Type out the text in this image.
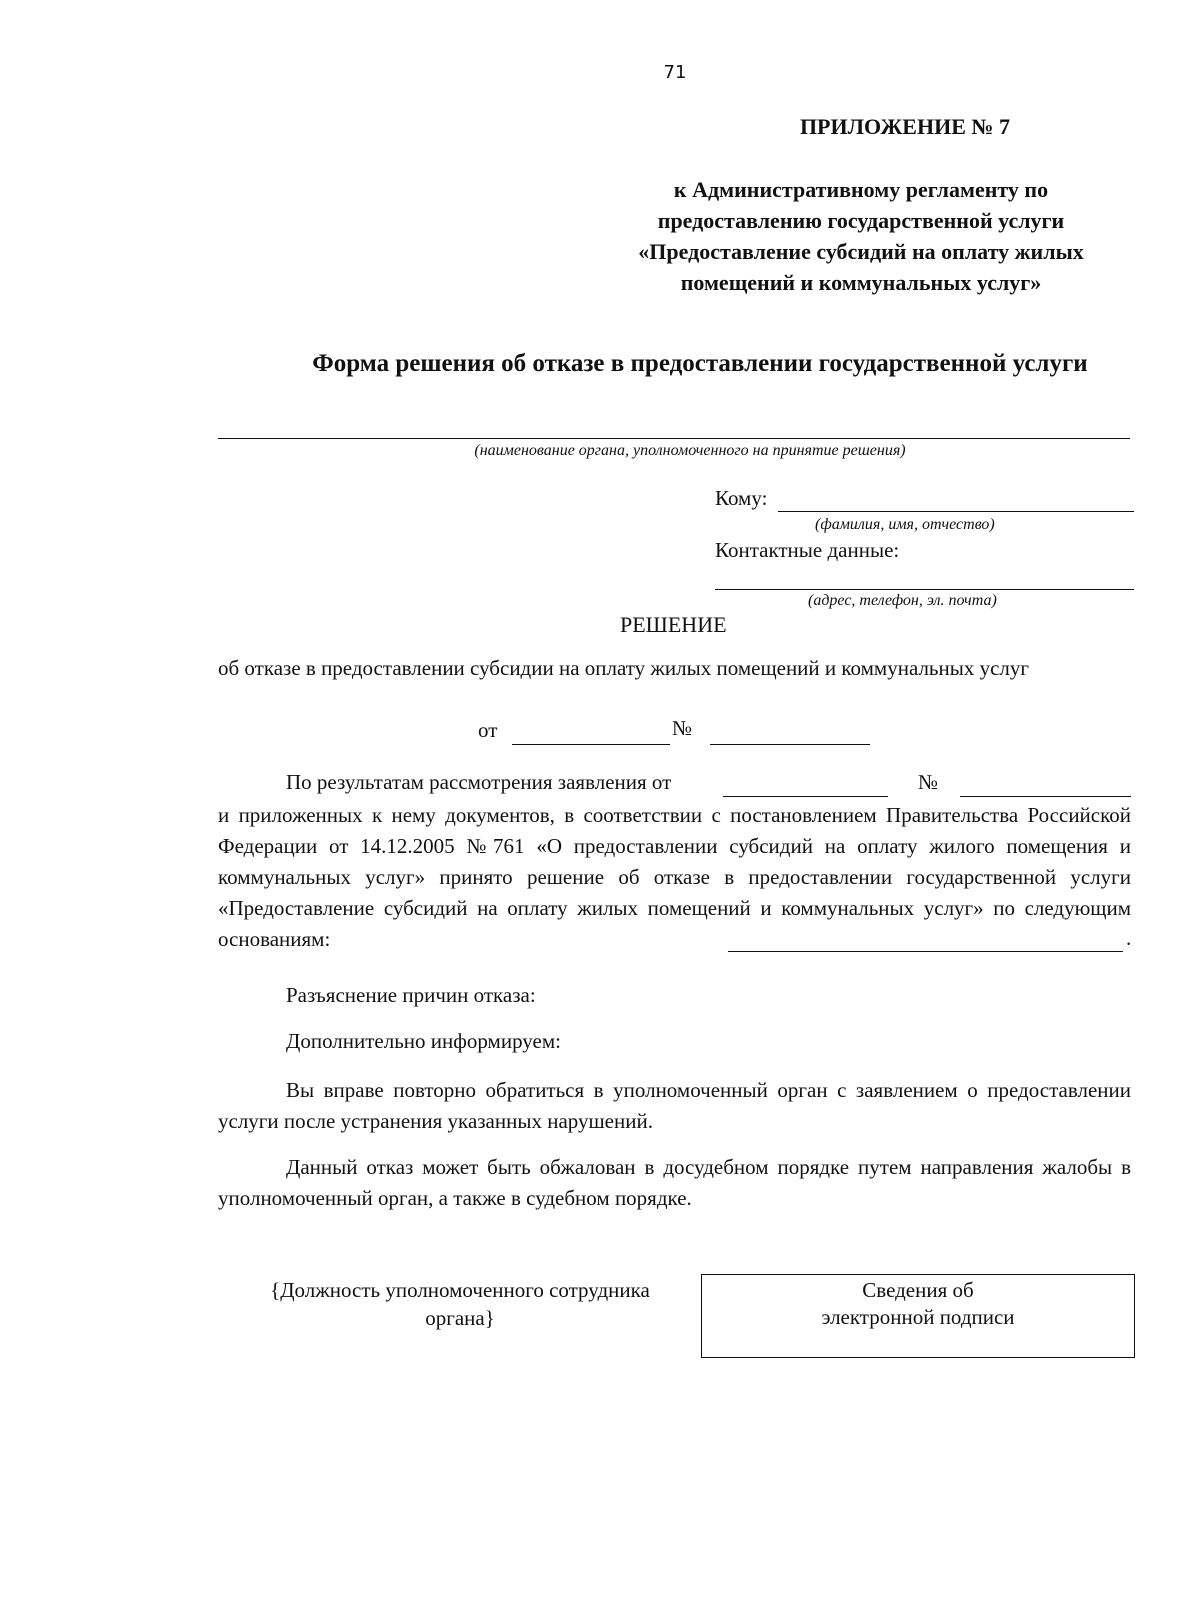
71
ПРИЛОЖЕНИЕ № 7
к Административному регламенту по предоставлению государственной услуги «Предоставление субсидий на оплату жилых помещений и коммунальных услуг»
Форма решения об отказе в предоставлении государственной услуги
(наименование органа, уполномоченного на принятие решения)
Кому:
(фамилия, имя, отчество)
Контактные данные:
(адрес, телефон, эл. почта)
РЕШЕНИЕ
об отказе в предоставлении субсидии на оплату жилых помещений и коммунальных услуг
от	№
По результатам рассмотрения заявления от	№
и приложенных к нему документов, в соответствии с постановлением Правительства Российской Федерации от 14.12.2005 №761 «О предоставлении субсидий на оплату жилого помещения и коммунальных услуг» принято решение об отказе в предоставлении государственной услуги «Предоставление субсидий на оплату жилых помещений и коммунальных услуг» по следующим основаниям:	.
Разъяснение причин отказа:
Дополнительно информируем:
Вы вправе повторно обратиться в уполномоченный орган с заявлением о предоставлении услуги после устранения указанных нарушений.
Данный отказ может быть обжалован в досудебном порядке путем направления жалобы в уполномоченный орган, а также в судебном порядке.
{Должность уполномоченного сотрудника органа}
Сведения об электронной подписи
